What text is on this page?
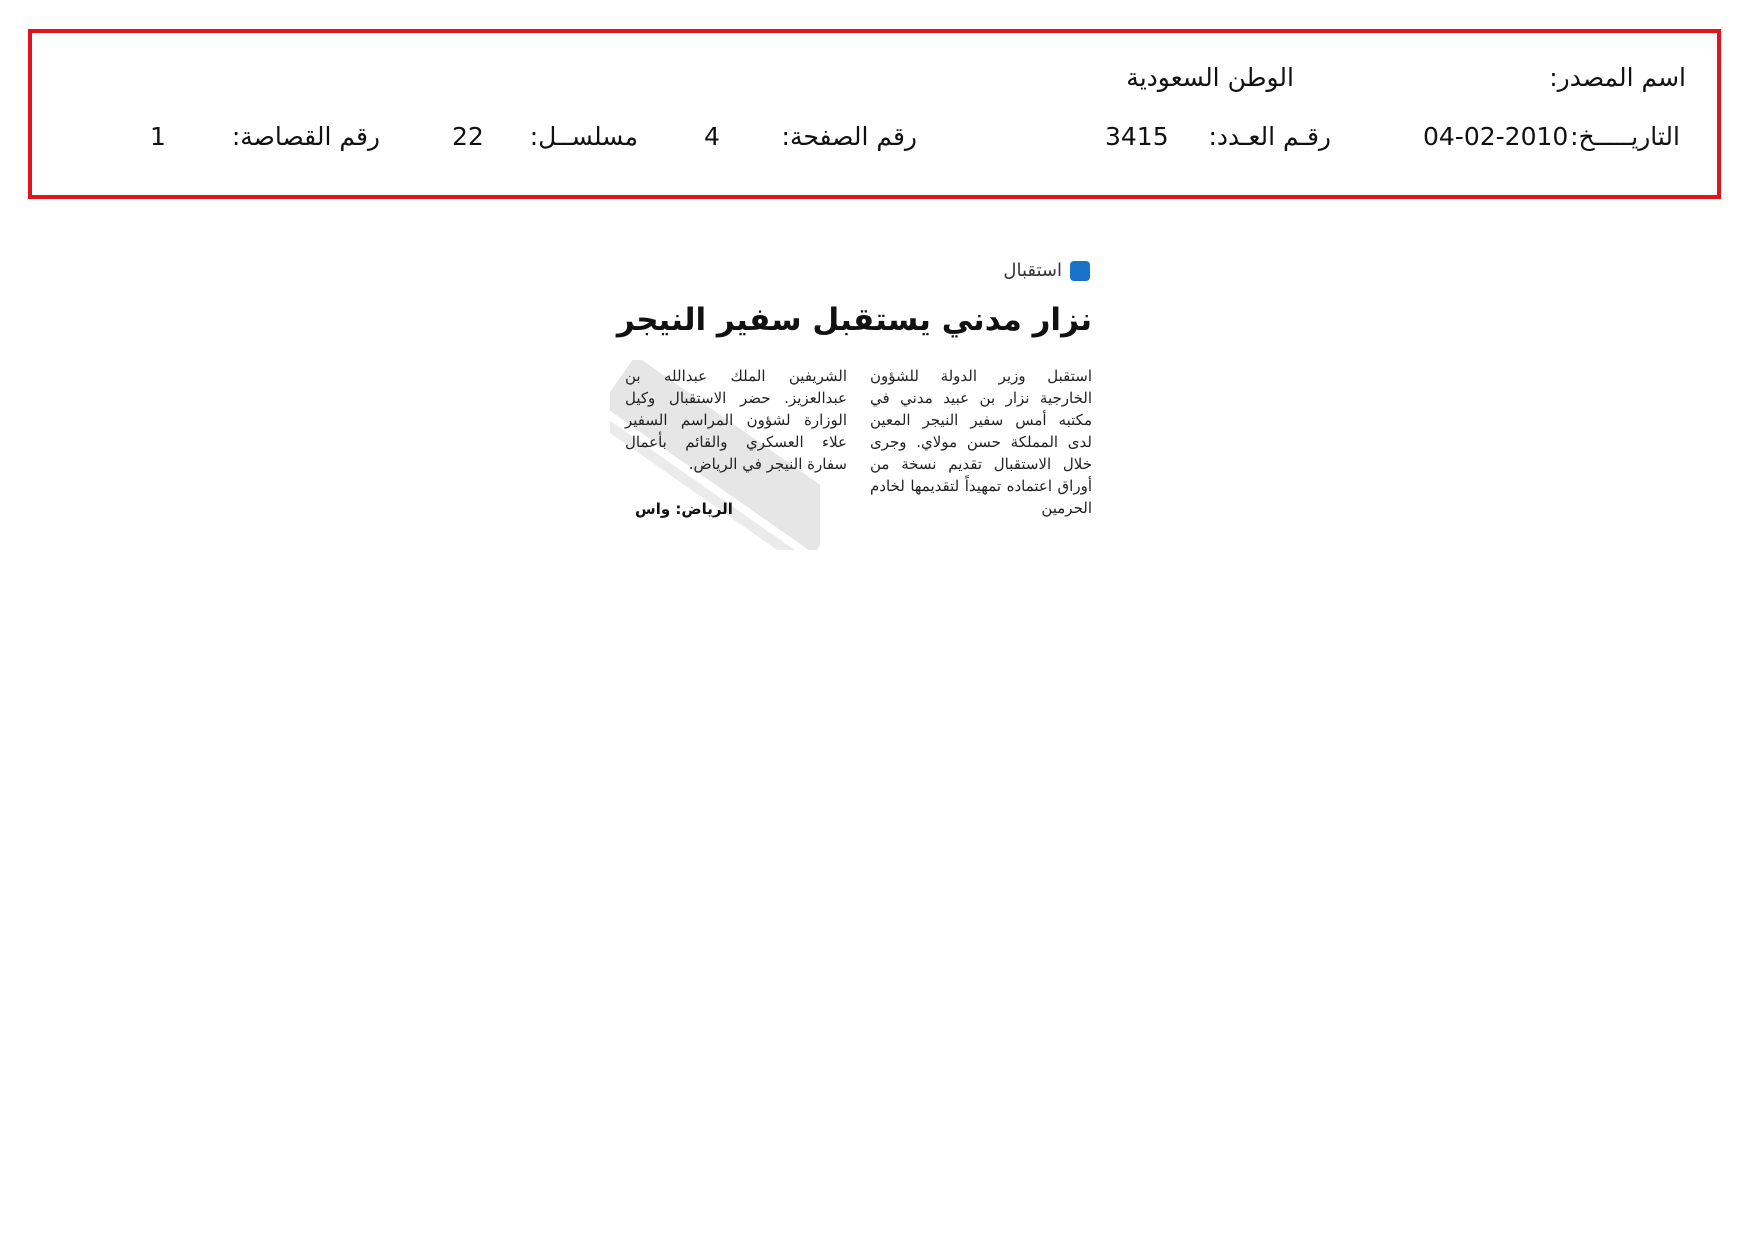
اسم المصدر:
الوطن السعودية
التاريـــــخ:
04-02-2010
رقـم العـدد:
3415
رقم الصفحة:
4
مسلســل:
22
رقم القصاصة:
1
استقبال
نزار مدني يستقبل سفير النيجر
استقبل وزير الدولة للشؤون الخارجية نزار بن عبيد مدني في مكتبه أمس سفير النيجر المعين لدى المملكة حسن مولاي. وجرى خلال الاستقبال تقديم نسخة من أوراق اعتماده تمهيداً لتقديمها لخادم الحرمين
الشريفين الملك عبدالله بن عبدالعزيز. حضر الاستقبال وكيل الوزارة لشؤون المراسم السفير علاء العسكري والقائم بأعمال سفارة النيجر في الرياض.
الرياض: واس
